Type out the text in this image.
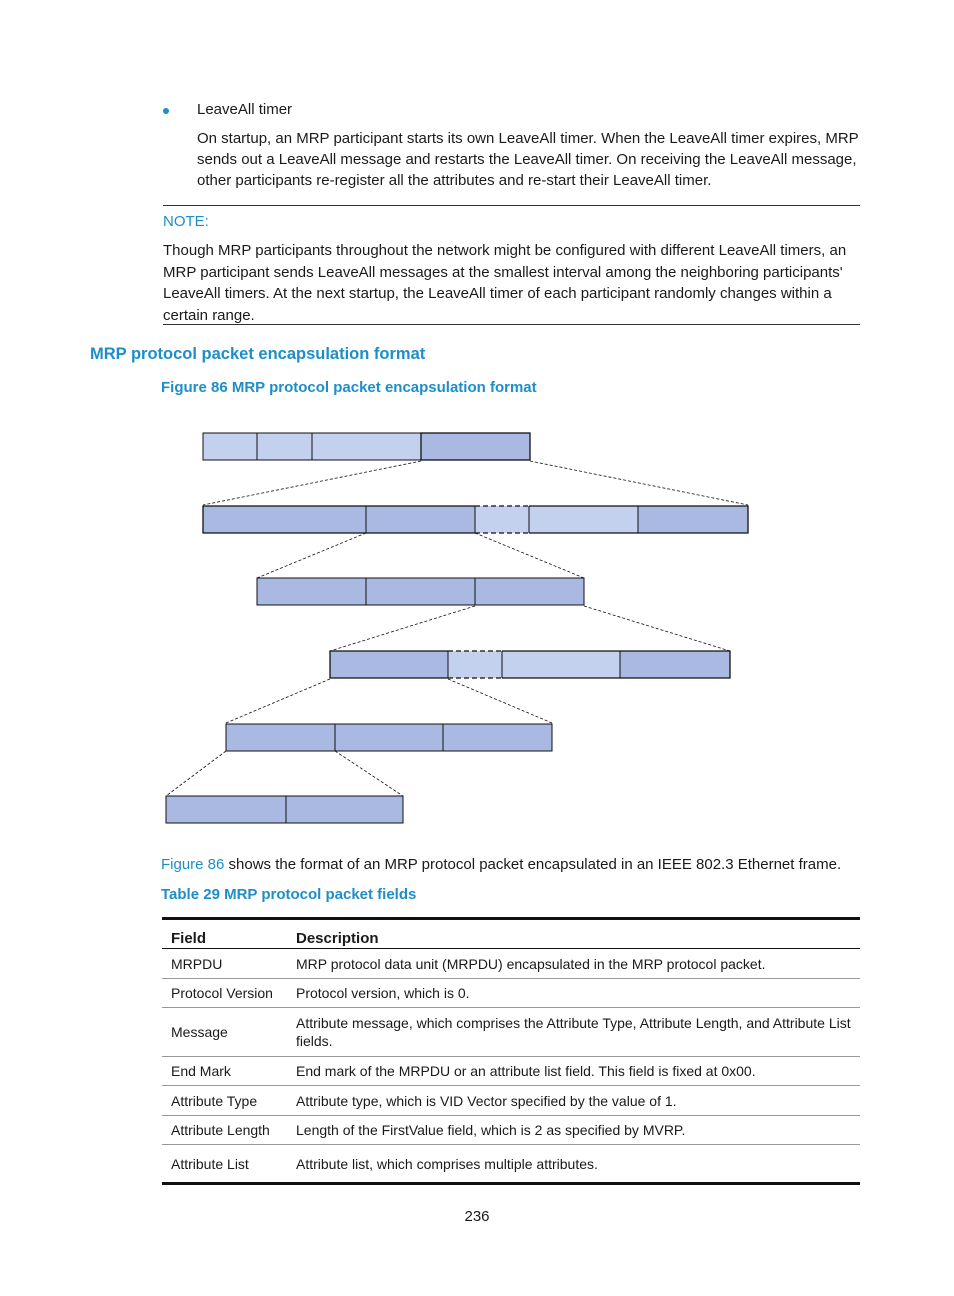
LeaveAll timer
On startup, an MRP participant starts its own LeaveAll timer. When the LeaveAll timer expires, MRP sends out a LeaveAll message and restarts the LeaveAll timer. On receiving the LeaveAll message, other participants re-register all the attributes and re-start their LeaveAll timer.
NOTE:
Though MRP participants throughout the network might be configured with different LeaveAll timers, an MRP participant sends LeaveAll messages at the smallest interval among the neighboring participants' LeaveAll timers. At the next startup, the LeaveAll timer of each participant randomly changes within a certain range.
MRP protocol packet encapsulation format
Figure 86 MRP protocol packet encapsulation format
Figure 86 shows the format of an MRP protocol packet encapsulated in an IEEE 802.3 Ethernet frame.
Table 29 MRP protocol packet fields
Field	Description
MRPDU	MRP protocol data unit (MRPDU) encapsulated in the MRP protocol packet.
Protocol Version	Protocol version, which is 0.
Message	Attribute message, which comprises the Attribute Type, Attribute Length, and Attribute List fields.
End Mark	End mark of the MRPDU or an attribute list field. This field is fixed at 0x00.
Attribute Type	Attribute type, which is VID Vector specified by the value of 1.
Attribute Length	Length of the FirstValue field, which is 2 as specified by MVRP.
Attribute List	Attribute list, which comprises multiple attributes.
236
